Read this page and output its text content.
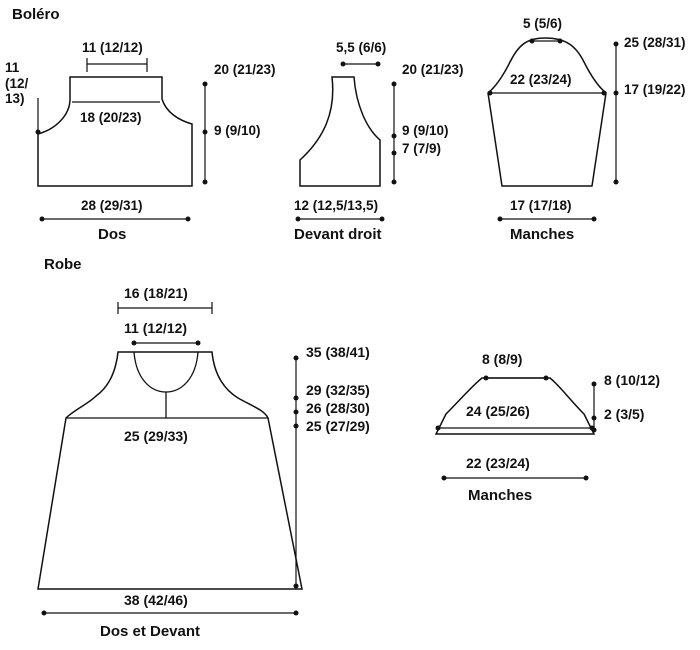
Boléro
11 (12/12)
11
(12/
13)
18 (20/23)
20 (21/23)
9 (9/10)
28 (29/31)
Dos
5,5 (6/6)
20 (21/23)
9 (9/10)
7 (7/9)
12 (12,5/13,5)
Devant droit
5 (5/6)
22 (23/24)
25 (28/31)
17 (19/22)
17 (17/18)
Manches
Robe
16 (18/21)
11 (12/12)
25 (29/33)
35 (38/41)
29 (32/35)
26 (28/30)
25 (27/29)
38 (42/46)
Dos et Devant
8 (8/9)
24 (25/26)
8 (10/12)
2 (3/5)
22 (23/24)
Manches
